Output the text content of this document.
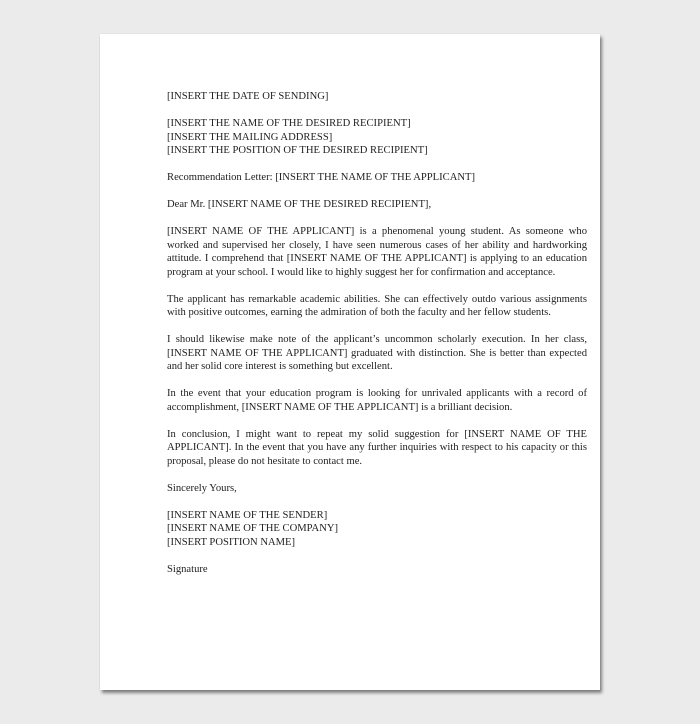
[INSERT THE DATE OF SENDING]
[INSERT THE NAME OF THE DESIRED RECIPIENT]
[INSERT THE MAILING ADDRESS]
[INSERT THE POSITION OF THE DESIRED RECIPIENT]
Recommendation Letter: [INSERT THE NAME OF THE APPLICANT]
Dear Mr. [INSERT NAME OF THE DESIRED RECIPIENT],

[INSERT NAME OF THE APPLICANT] is a phenomenal young student. As someone who worked and supervised her closely, I have seen numerous cases of her ability and hardworking attitude. I comprehend that [INSERT NAME OF THE APPLICANT] is applying to an education program at your school. I would like to highly suggest her for confirmation and acceptance.

The applicant has remarkable academic abilities. She can effectively outdo various assignments with positive outcomes, earning the admiration of both the faculty and her fellow students.

I should likewise make note of the applicant’s uncommon scholarly execution. In her class, [INSERT NAME OF THE APPLICANT] graduated with distinction. She is better than expected and her solid core interest is something but excellent.

In the event that your education program is looking for unrivaled applicants with a record of accomplishment, [INSERT NAME OF THE APPLICANT] is a brilliant decision.

In conclusion, I might want to repeat my solid suggestion for [INSERT NAME OF THE APPLICANT]. In the event that you have any further inquiries with respect to his capacity or this proposal, please do not hesitate to contact me.

Sincerely Yours,
[INSERT NAME OF THE SENDER]
[INSERT NAME OF THE COMPANY]
[INSERT POSITION NAME]
Signature
